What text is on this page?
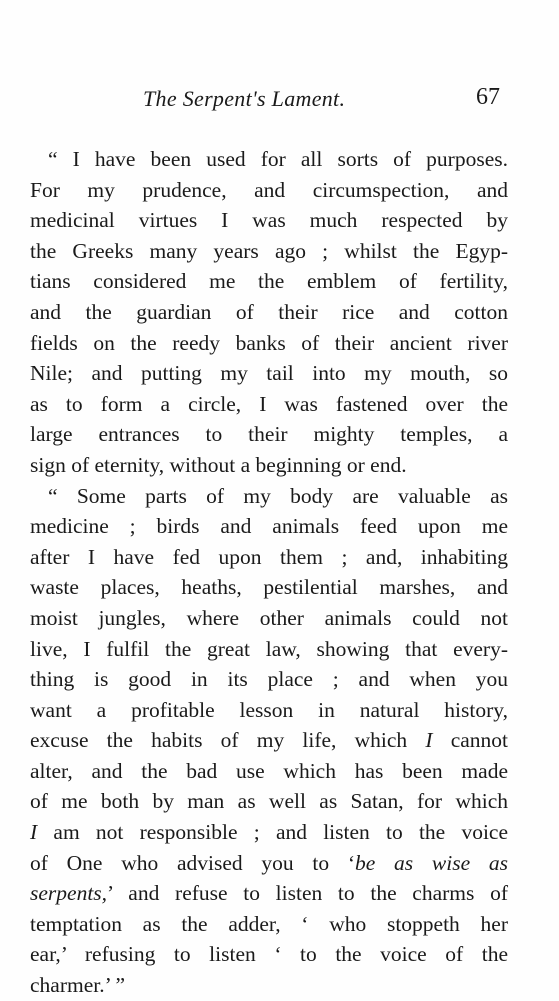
The Serpent's Lament.	67
“ I have been used for all sorts of purposes.
For my prudence, and circumspection, and
medicinal virtues I was much respected by
the Greeks many years ago ; whilst the Egyp-
tians considered me the emblem of fertility,
and the guardian of their rice and cotton
fields on the reedy banks of their ancient river
Nile; and putting my tail into my mouth, so
as to form a circle, I was fastened over the
large entrances to their mighty temples, a
sign of eternity, without a beginning or end.
“ Some parts of my body are valuable as
medicine ; birds and animals feed upon me
after I have fed upon them ; and, inhabiting
waste places, heaths, pestilential marshes, and
moist jungles, where other animals could not
live, I fulfil the great law, showing that every-
thing is good in its place ; and when you
want a profitable lesson in natural history,
excuse the habits of my life, which I cannot
alter, and the bad use which has been made
of me both by man as well as Satan, for which
I am not responsible ; and listen to the voice
of One who advised you to ‘be as wise as
serpents,’ and refuse to listen to the charms of
temptation as the adder, ‘ who stoppeth her
ear,’ refusing to listen ‘ to the voice of the
charmer.’ ”
